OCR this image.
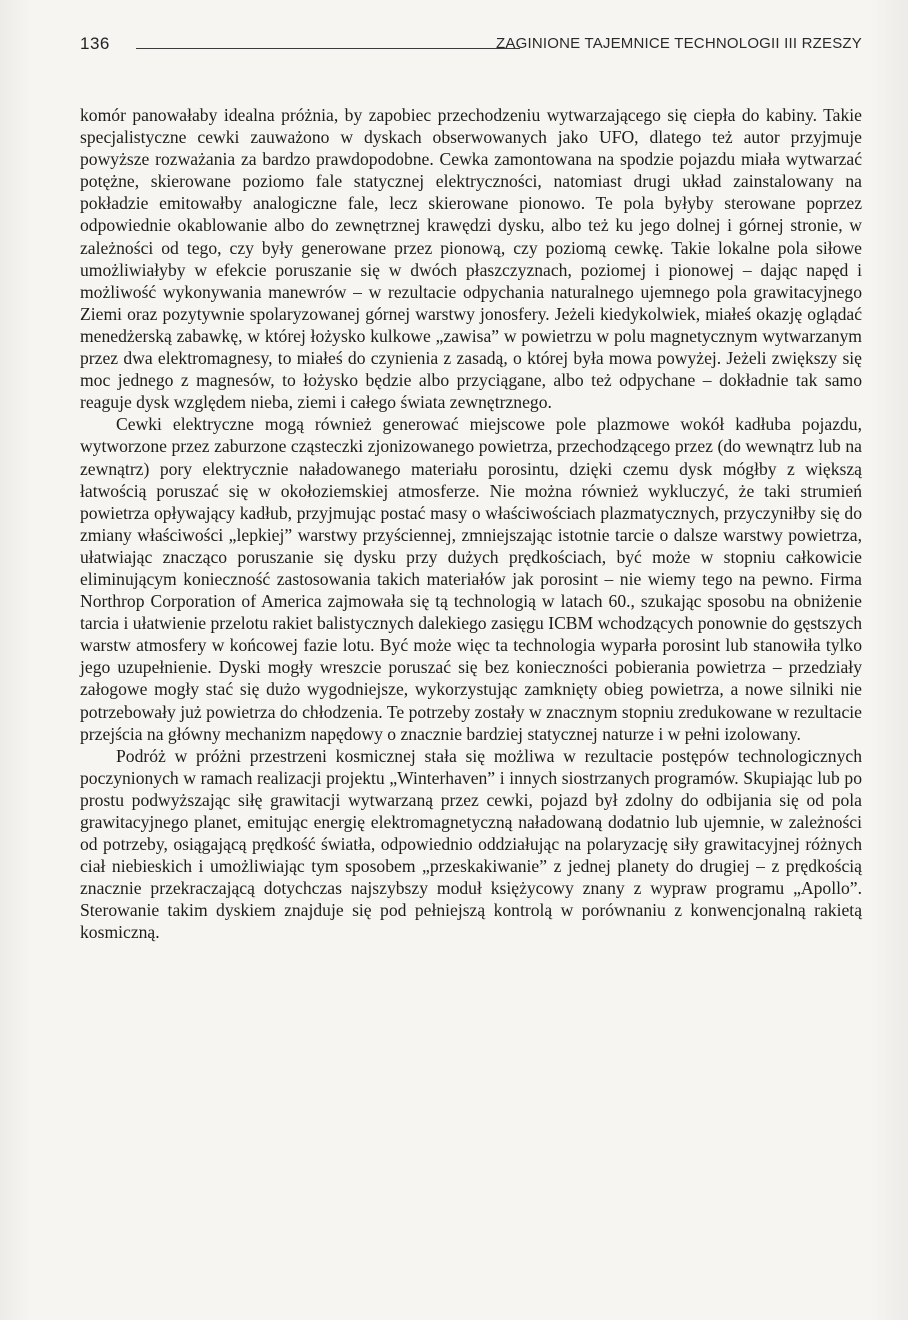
136	ZAGINIONE TAJEMNICE TECHNOLOGII III RZESZY

komór panowałaby idealna próżnia, by zapobiec przechodzeniu wytwarzającego się ciepła do kabiny. Takie specjalistyczne cewki zauważono w dyskach obserwowanych jako UFO, dlatego też autor przyjmuje powyższe rozważania za bardzo prawdopodobne. Cewka zamontowana na spodzie pojazdu miała wytwarzać potężne, skierowane poziomo fale statycznej elektryczności, natomiast drugi układ zainstalowany na pokładzie emitowałby analogiczne fale, lecz skierowane pionowo. Te pola byłyby sterowane poprzez odpowiednie okablowanie albo do zewnętrznej krawędzi dysku, albo też ku jego dolnej i górnej stronie, w zależności od tego, czy były generowane przez pionową, czy poziomą cewkę. Takie lokalne pola siłowe umożliwiałyby w efekcie poruszanie się w dwóch płaszczyznach, poziomej i pionowej – dając napęd i możliwość wykonywania manewrów – w rezultacie odpychania naturalnego ujemnego pola grawitacyjnego Ziemi oraz pozytywnie spolaryzowanej górnej warstwy jonosfery. Jeżeli kiedykolwiek, miałeś okazję oglądać menedżerską zabawkę, w której łożysko kulkowe „zawisa” w powietrzu w polu magnetycznym wytwarzanym przez dwa elektromagnesy, to miałeś do czynienia z zasadą, o której była mowa powyżej. Jeżeli zwiększy się moc jednego z magnesów, to łożysko będzie albo przyciągane, albo też odpychane – dokładnie tak samo reaguje dysk względem nieba, ziemi i całego świata zewnętrznego.

Cewki elektryczne mogą również generować miejscowe pole plazmowe wokół kadłuba pojazdu, wytworzone przez zaburzone cząsteczki zjonizowanego powietrza, przechodzącego przez (do wewnątrz lub na zewnątrz) pory elektrycznie naładowanego materiału porosintu, dzięki czemu dysk mógłby z większą łatwością poruszać się w okołoziemskiej atmosferze. Nie można również wykluczyć, że taki strumień powietrza opływający kadłub, przyjmując postać masy o właściwościach plazmatycznych, przyczyniłby się do zmiany właściwości „lepkiej” warstwy przyściennej, zmniejszając istotnie tarcie o dalsze warstwy powietrza, ułatwiając znacząco poruszanie się dysku przy dużych prędkościach, być może w stopniu całkowicie eliminującym konieczność zastosowania takich materiałów jak porosint – nie wiemy tego na pewno. Firma Northrop Corporation of America zajmowała się tą technologią w latach 60., szukając sposobu na obniżenie tarcia i ułatwienie przelotu rakiet balistycznych dalekiego zasięgu ICBM wchodzących ponownie do gęstszych warstw atmosfery w końcowej fazie lotu. Być może więc ta technologia wyparła porosint lub stanowiła tylko jego uzupełnienie. Dyski mogły wreszcie poruszać się bez konieczności pobierania powietrza – przedziały załogowe mogły stać się dużo wygodniejsze, wykorzystując zamknięty obieg powietrza, a nowe silniki nie potrzebowały już powietrza do chłodzenia. Te potrzeby zostały w znacznym stopniu zredukowane w rezultacie przejścia na główny mechanizm napędowy o znacznie bardziej statycznej naturze i w pełni izolowany.

Podróż w próżni przestrzeni kosmicznej stała się możliwa w rezultacie postępów technologicznych poczynionych w ramach realizacji projektu „Winterhaven” i innych siostrzanych programów. Skupiając lub po prostu podwyższając siłę grawitacji wytwarzaną przez cewki, pojazd był zdolny do odbijania się od pola grawitacyjnego planet, emitując energię elektromagnetyczną naładowaną dodatnio lub ujemnie, w zależności od potrzeby, osiągającą prędkość światła, odpowiednio oddziałując na polaryzację siły grawitacyjnej różnych ciał niebieskich i umożliwiając tym sposobem „przeskakiwanie” z jednej planety do drugiej – z prędkością znacznie przekraczającą dotychczas najszybszy moduł księżycowy znany z wypraw programu „Apollo”. Sterowanie takim dyskiem znajduje się pod pełniejszą kontrolą w porównaniu z konwencjonalną rakietą kosmiczną.
